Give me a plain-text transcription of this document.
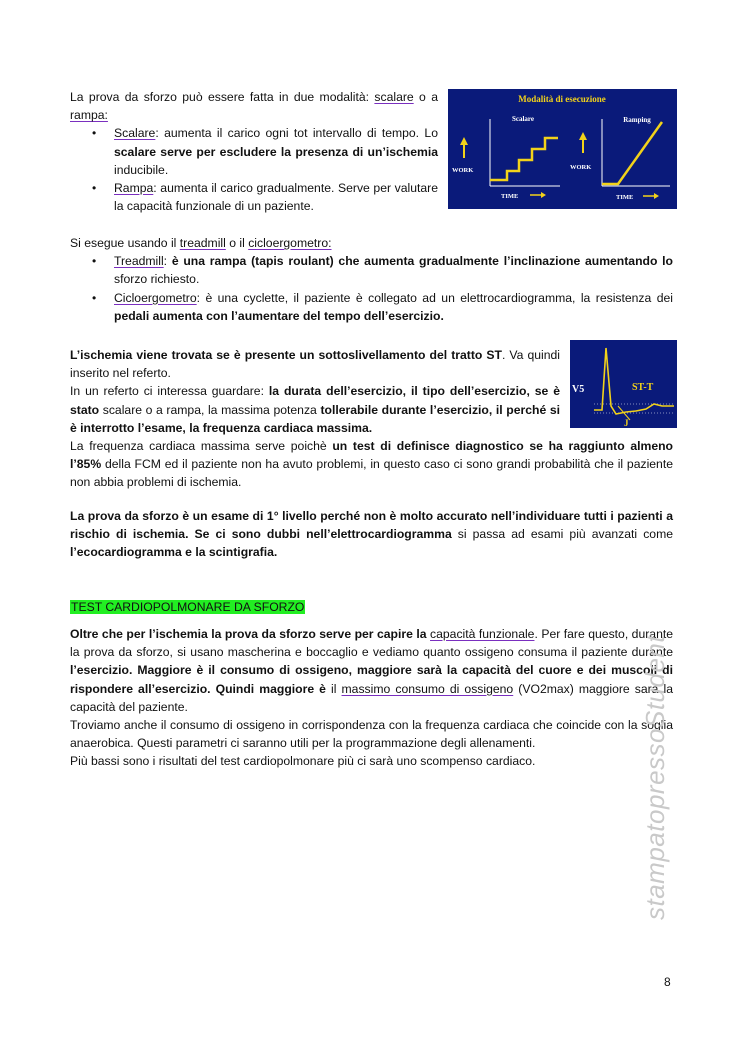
La prova da sforzo può essere fatta in due modalità: scalare o a rampa:

• Scalare: aumenta il carico ogni tot intervallo di tempo. Lo scalare serve per escludere la presenza di un’ischemia inducibile.
• Rampa: aumenta il carico gradualmente. Serve per valutare la capacità funzionale di un paziente.
Modalità di esecuzione
Scalare	Ramping
WORK
TIME
WORK
TIME

Si esegue usando il treadmill o il cicloergometro:

• Treadmill: è una rampa (tapis roulant) che aumenta gradualmente l’inclinazione aumentando lo sforzo richiesto.
• Cicloergometro: è una cyclette, il paziente è collegato ad un elettrocardiogramma, la resistenza dei pedali aumenta con l’aumentare del tempo dell’esercizio.
V5	ST-T
J

L’ischemia viene trovata se è presente un sottoslivellamento del tratto ST. Va quindi inserito nel referto.
In un referto ci interessa guardare: la durata dell’esercizio, il tipo dell’esercizio, se è stato scalare o a rampa, la massima potenza tollerabile durante l’esercizio, il perché si è interrotto l’esame, la frequenza cardiaca massima.

La frequenza cardiaca massima serve poichè un test di definisce diagnostico se ha raggiunto almeno l’85% della FCM ed il paziente non ha avuto problemi, in questo caso ci sono grandi probabilità che il paziente non abbia problemi di ischemia.

La prova da sforzo è un esame di 1° livello perché non è molto accurato nell’individuare tutti i pazienti a rischio di ischemia. Se ci sono dubbi nell’elettrocardiogramma si passa ad esami più avanzati come l’ecocardiogramma e la scintigrafia.

TEST CARDIOPOLMONARE DA SFORZO

Oltre che per l’ischemia la prova da sforzo serve per capire la capacità funzionale. Per fare questo, durante la prova da sforzo, si usano mascherina e boccaglio e vediamo quanto ossigeno consuma il paziente durante l’esercizio. Maggiore è il consumo di ossigeno, maggiore sarà la capacità del cuore e dei muscoli di rispondere all’esercizio. Quindi maggiore è il massimo consumo di ossigeno (VO2max) maggiore sarà la capacità del paziente.

Troviamo anche il consumo di ossigeno in corrispondenza con la frequenza cardiaca che coincide con la soglia anaerobica. Questi parametri ci saranno utili per la programmazione degli allenamenti.

Più bassi sono i risultati del test cardiopolmonare più ci sarà uno scompenso cardiaco.	stampatopressoStudent
8
